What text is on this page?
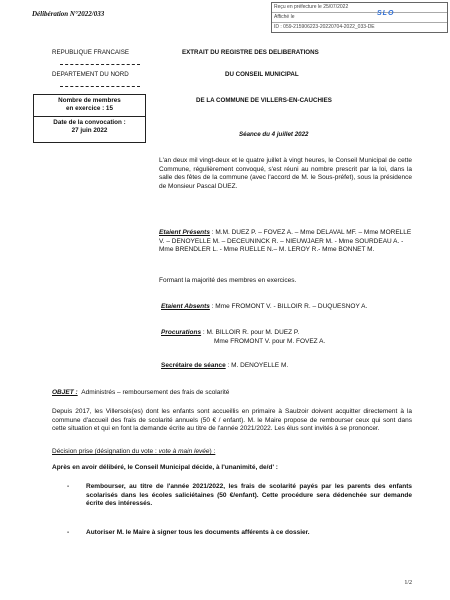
Reçu en préfecture le 25/07/2022
Affiché le
ID : 059-215906223-20220704-2022_033-DE
SLO
Délibération N°2022/033
REPUBLIQUE FRANCAISE
DEPARTEMENT DU NORD
Nombre de membres
en exercice : 15
Date de la convocation :
27 juin 2022
EXTRAIT DU REGISTRE DES DELIBERATIONS
DU CONSEIL MUNICIPAL
DE LA COMMUNE DE VILLERS-EN-CAUCHIES
Séance du 4 juillet 2022
L'an deux mil vingt-deux et le quatre juillet à vingt heures, le Conseil Municipal de cette Commune, régulièrement convoqué, s'est réuni au nombre prescrit par la loi, dans la salle des fêtes de la commune (avec l'accord de M. le Sous-préfet), sous la présidence de Monsieur Pascal DUEZ.
Etaient Présents : M.M. DUEZ P. – FOVEZ A. – Mme DELAVAL MF. – Mme MORELLE V. – DENOYELLE M. – DECEUNINCK R. – NIEUWJAER M. - Mme SOURDEAU A. - Mme BRENDLER L. - Mme RUELLE N.– M. LEROY R.- Mme BONNET M.
Formant la majorité des membres en exercices.
Etaient Absents : Mme FROMONT V. - BILLOIR R. – DUQUESNOY A.
Procurations : M. BILLOIR R. pour M. DUEZ P.
Mme FROMONT V. pour M. FOVEZ A.
Secrétaire de séance : M. DENOYELLE M.
OBJET : Administrés – remboursement des frais de scolarité
Depuis 2017, les Villersois(es) dont les enfants sont accueillis en primaire à Saulzoir doivent acquitter directement à la commune d'accueil des frais de scolarité annuels (50 € / enfant). M. le Maire propose de rembourser ceux qui sont dans cette situation et qui en font la demande écrite au titre de l'année 2021/2022. Les élus sont invités à se prononcer.
Décision prise (désignation du vote : vote à main levée) :
Après en avoir délibéré, le Conseil Municipal décide, à l'unanimité, de/d' :
-	Rembourser, au titre de l'année 2021/2022, les frais de scolarité payés par les parents des enfants scolarisés dans les écoles saliciétaines (50 €/enfant). Cette procédure sera dédenchée sur demande écrite des intéressés.
-	Autoriser M. le Maire à signer tous les documents afférents à ce dossier.
1/2
